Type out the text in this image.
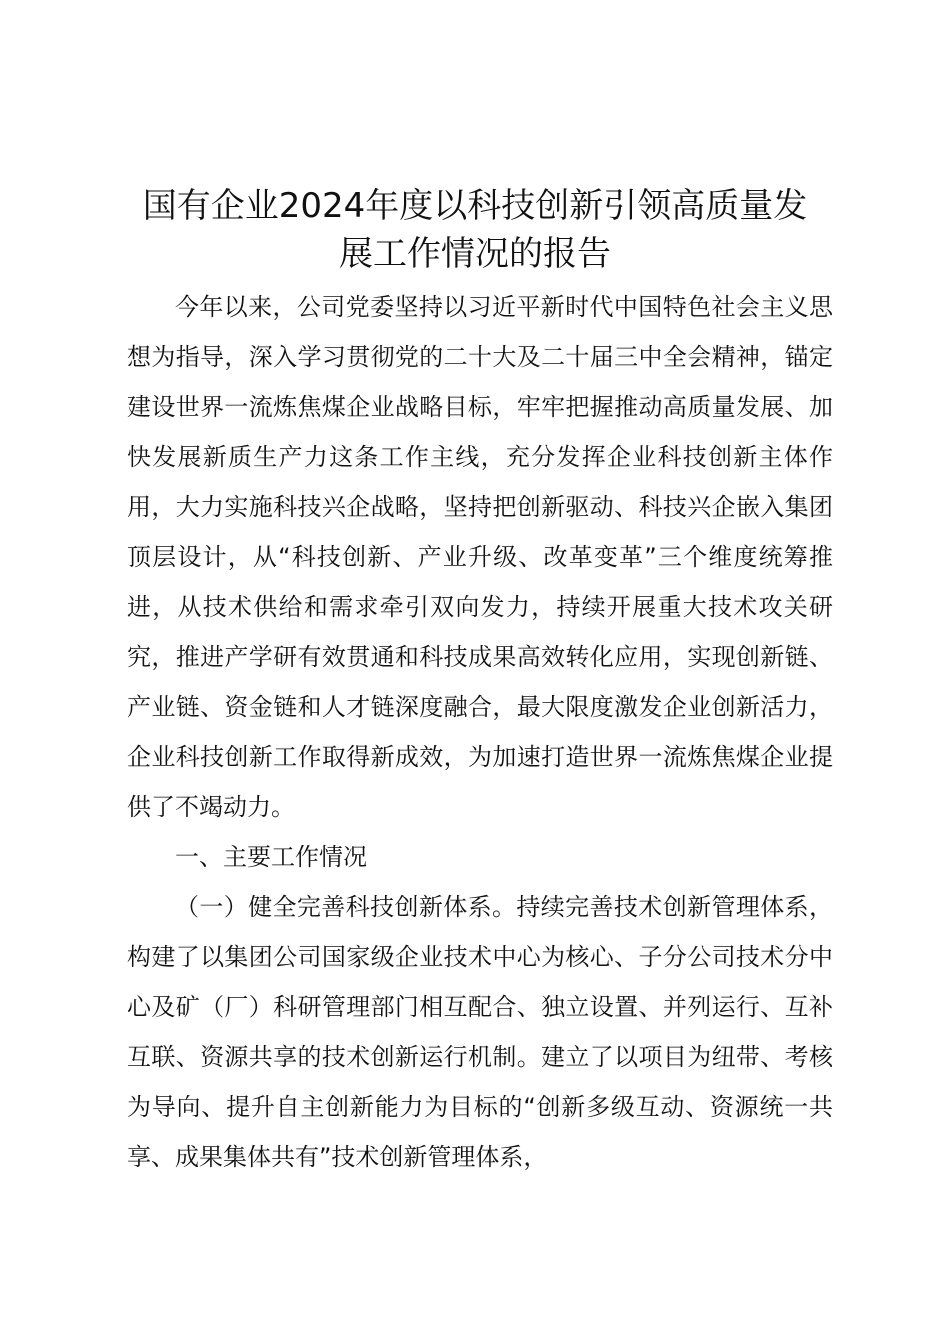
国有企业2024年度以科技创新引领高质量发
展工作情况的报告

今年以来，公司党委坚持以习近平新时代中国特色社会主义思想为指导，深入学习贯彻党的二十大及二十届三中全会精神，锚定建设世界一流炼焦煤企业战略目标，牢牢把握推动高质量发展、加快发展新质生产力这条工作主线，充分发挥企业科技创新主体作用，大力实施科技兴企战略，坚持把创新驱动、科技兴企嵌入集团顶层设计，从“科技创新、产业升级、改革变革”三个维度统筹推进，从技术供给和需求牵引双向发力，持续开展重大技术攻关研究，推进产学研有效贯通和科技成果高效转化应用，实现创新链、产业链、资金链和人才链深度融合，最大限度激发企业创新活力，企业科技创新工作取得新成效，为加速打造世界一流炼焦煤企业提供了不竭动力。

一、主要工作情况

（一）健全完善科技创新体系。持续完善技术创新管理体系，构建了以集团公司国家级企业技术中心为核心、子分公司技术分中心及矿（厂）科研管理部门相互配合、独立设置、并列运行、互补互联、资源共享的技术创新运行机制。建立了以项目为纽带、考核为导向、提升自主创新能力为目标的“创新多级互动、资源统一共享、成果集体共有”技术创新管理体系，
